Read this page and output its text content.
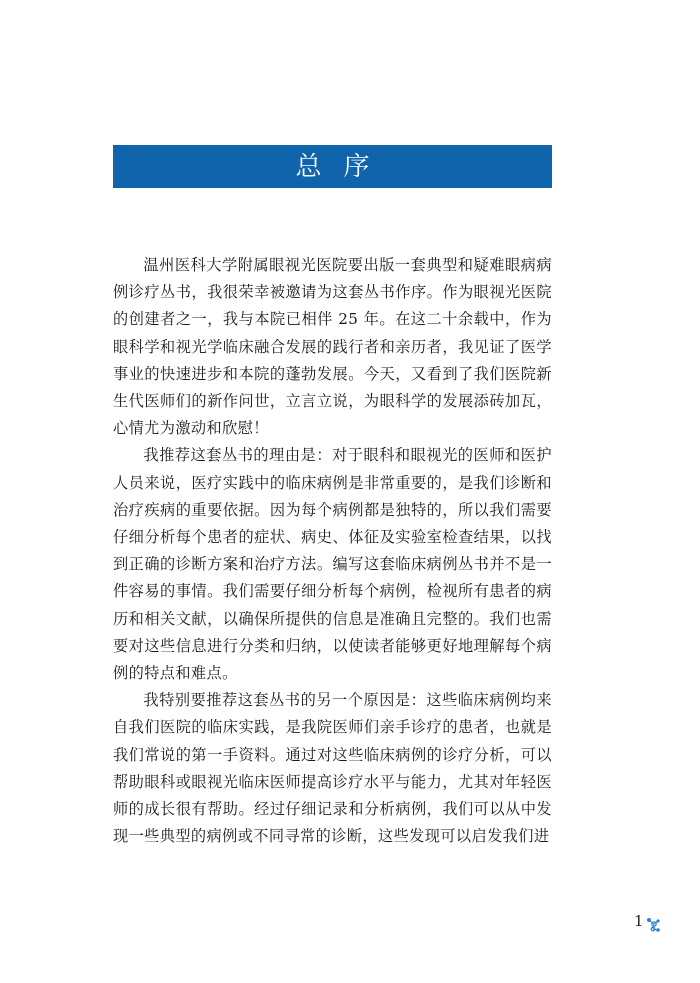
总序

温州医科大学附属眼视光医院要出版一套典型和疑难眼病病例诊疗丛书，我很荣幸被邀请为这套丛书作序。作为眼视光医院的创建者之一，我与本院已相伴 25 年。在这二十余载中，作为眼科学和视光学临床融合发展的践行者和亲历者，我见证了医学事业的快速进步和本院的蓬勃发展。今天，又看到了我们医院新生代医师们的新作问世，立言立说，为眼科学的发展添砖加瓦，心情尤为激动和欣慰！

我推荐这套丛书的理由是：对于眼科和眼视光的医师和医护人员来说，医疗实践中的临床病例是非常重要的，是我们诊断和治疗疾病的重要依据。因为每个病例都是独特的，所以我们需要仔细分析每个患者的症状、病史、体征及实验室检查结果，以找到正确的诊断方案和治疗方法。编写这套临床病例丛书并不是一件容易的事情。我们需要仔细分析每个病例，检视所有患者的病历和相关文献，以确保所提供的信息是准确且完整的。我们也需要对这些信息进行分类和归纳，以使读者能够更好地理解每个病例的特点和难点。

我特别要推荐这套丛书的另一个原因是：这些临床病例均来自我们医院的临床实践，是我院医师们亲手诊疗的患者，也就是我们常说的第一手资料。通过对这些临床病例的诊疗分析，可以帮助眼科或眼视光临床医师提高诊疗水平与能力，尤其对年轻医师的成长很有帮助。经过仔细记录和分析病例，我们可以从中发现一些典型的病例或不同寻常的诊断，这些发现可以启发我们进

1
